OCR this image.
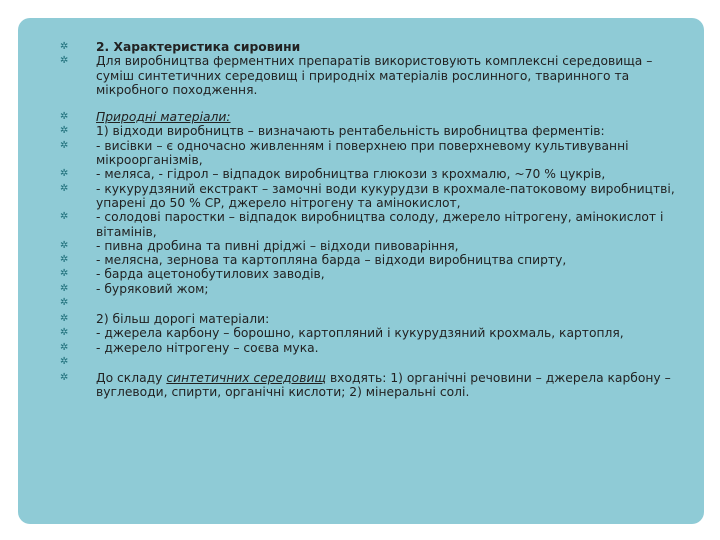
✲ 2. Характеристика сировини
✲ Для виробництва ферментних препаратів використовують комплексні середовища – суміш синтетичних середовищ і природніх матеріалів рослинного, тваринного та мікробного походження.
✲ Природні матеріали:
✲ 1) відходи виробництв – визначають рентабельність виробництва ферментів:
✲ - висівки – є одночасно живленням і поверхнею при поверхневому культивуванні мікроорганізмів,
✲ - меляса, - гідрол – відпадок виробництва глюкози з крохмалю, ~70 % цукрів,
✲ - кукурудзяний екстракт – замочні води кукурудзи в крохмале-патоковому виробництві, упарені до 50 % СР, джерело нітрогену та амінокислот,
✲ - солодові паростки – відпадок виробництва солоду, джерело нітрогену, амінокислот і вітамінів,
✲ - пивна дробина та пивні дріджі – відходи пивоваріння,
✲ - мелясна, зернова та картопляна барда – відходи виробництва спирту,
✲ - барда ацетонобутилових заводів,
✲ - буряковий жом;
✲
✲ 2) більш дорогі матеріали:
✲ - джерела карбону – борошно, картопляний і кукурудзяний крохмаль, картопля,
✲ - джерело нітрогену – соєва мука.
✲
✲ До складу синтетичних середовищ входять: 1) органічні речовини – джерела карбону – вуглеводи, спирти, органічні кислоти; 2) мінеральні солі.
